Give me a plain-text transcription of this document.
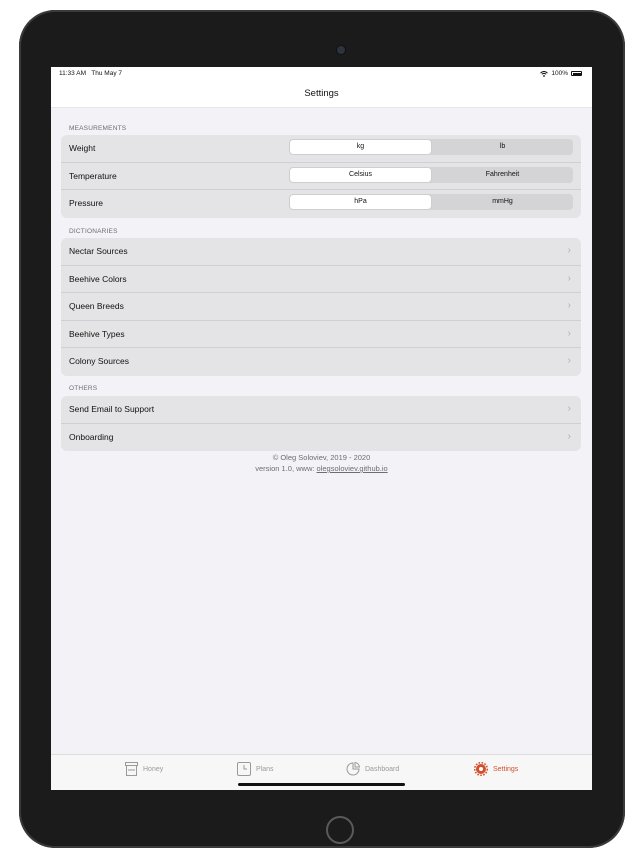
11:33 AM Thu May 7	100%
Settings
MEASUREMENTS
Weight	kg	lb
Temperature	Celsius	Fahrenheit
Pressure	hPa	mmHg
DICTIONARIES
Nectar Sources	›
Beehive Colors	›
Queen Breeds	›
Beehive Types	›
Colony Sources	›
OTHERS
Send Email to Support	›
Onboarding	›
© Oleg Soloviev, 2019 - 2020
version 1.0, www: olegsoloviev.github.io
Honey	Plans	Dashboard	Settings
